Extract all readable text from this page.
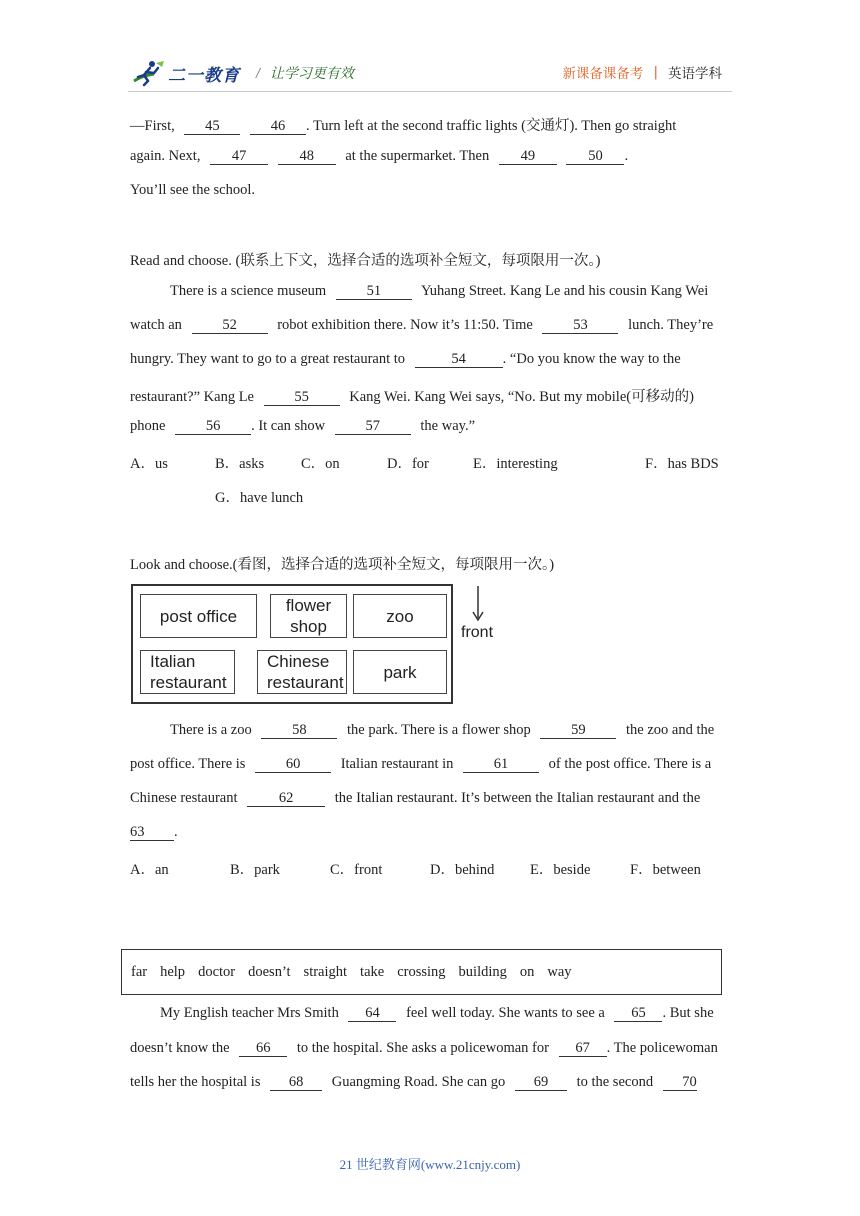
二一教育 / 让学习更有效	新课备课备考 | 英语学科
—First, 45	46 . Turn left at the second traffic lights (交通灯). Then go straight
again. Next, 47	48 at the supermarket. Then 49	50 .
You’ll see the school.
Read and choose. (联系上下文，选择合适的选项补全短文，每项限用一次。)
There is a science museum	51	Yuhang Street. Kang Le and his cousin Kang Wei
watch an	52	robot exhibition there. Now it’s 11:50. Time	53	lunch. They’re
hungry. They want to go to a great restaurant to	54	. “Do you know the way to the
restaurant?” Kang Le	55	Kang Wei. Kang Wei says, “No. But my mobile(可移动的)
phone	56 . It can show	57	the way.”
A．us	B．asks	C．on	D．for	E．interesting	F．has BDS
G．have lunch
Look and choose.(看图，选择合适的选项补全短文，每项限用一次。)
post office
flower shop
zoo
Italian restaurant
Chinese restaurant
park
front
There is a zoo	58	the park. There is a flower shop	59	the zoo and the
post office. There is	60	Italian restaurant in	61	of the post office. There is a
Chinese restaurant	62	the Italian restaurant. It’s between the Italian restaurant and the
63 .
A．an	B．park	C．front	D．behind E．beside	F．between
far help doctor doesn’t straight take crossing building on way
My English teacher Mrs Smith 64 feel well today. She wants to see a 65 . But she
doesn’t know the 66 to the hospital. She asks a policewoman for 67 . The policewoman
tells her the hospital is 68 Guangming Road. She can go 69 to the second 70
21 世纪教育网(www.21cnjy.com)
